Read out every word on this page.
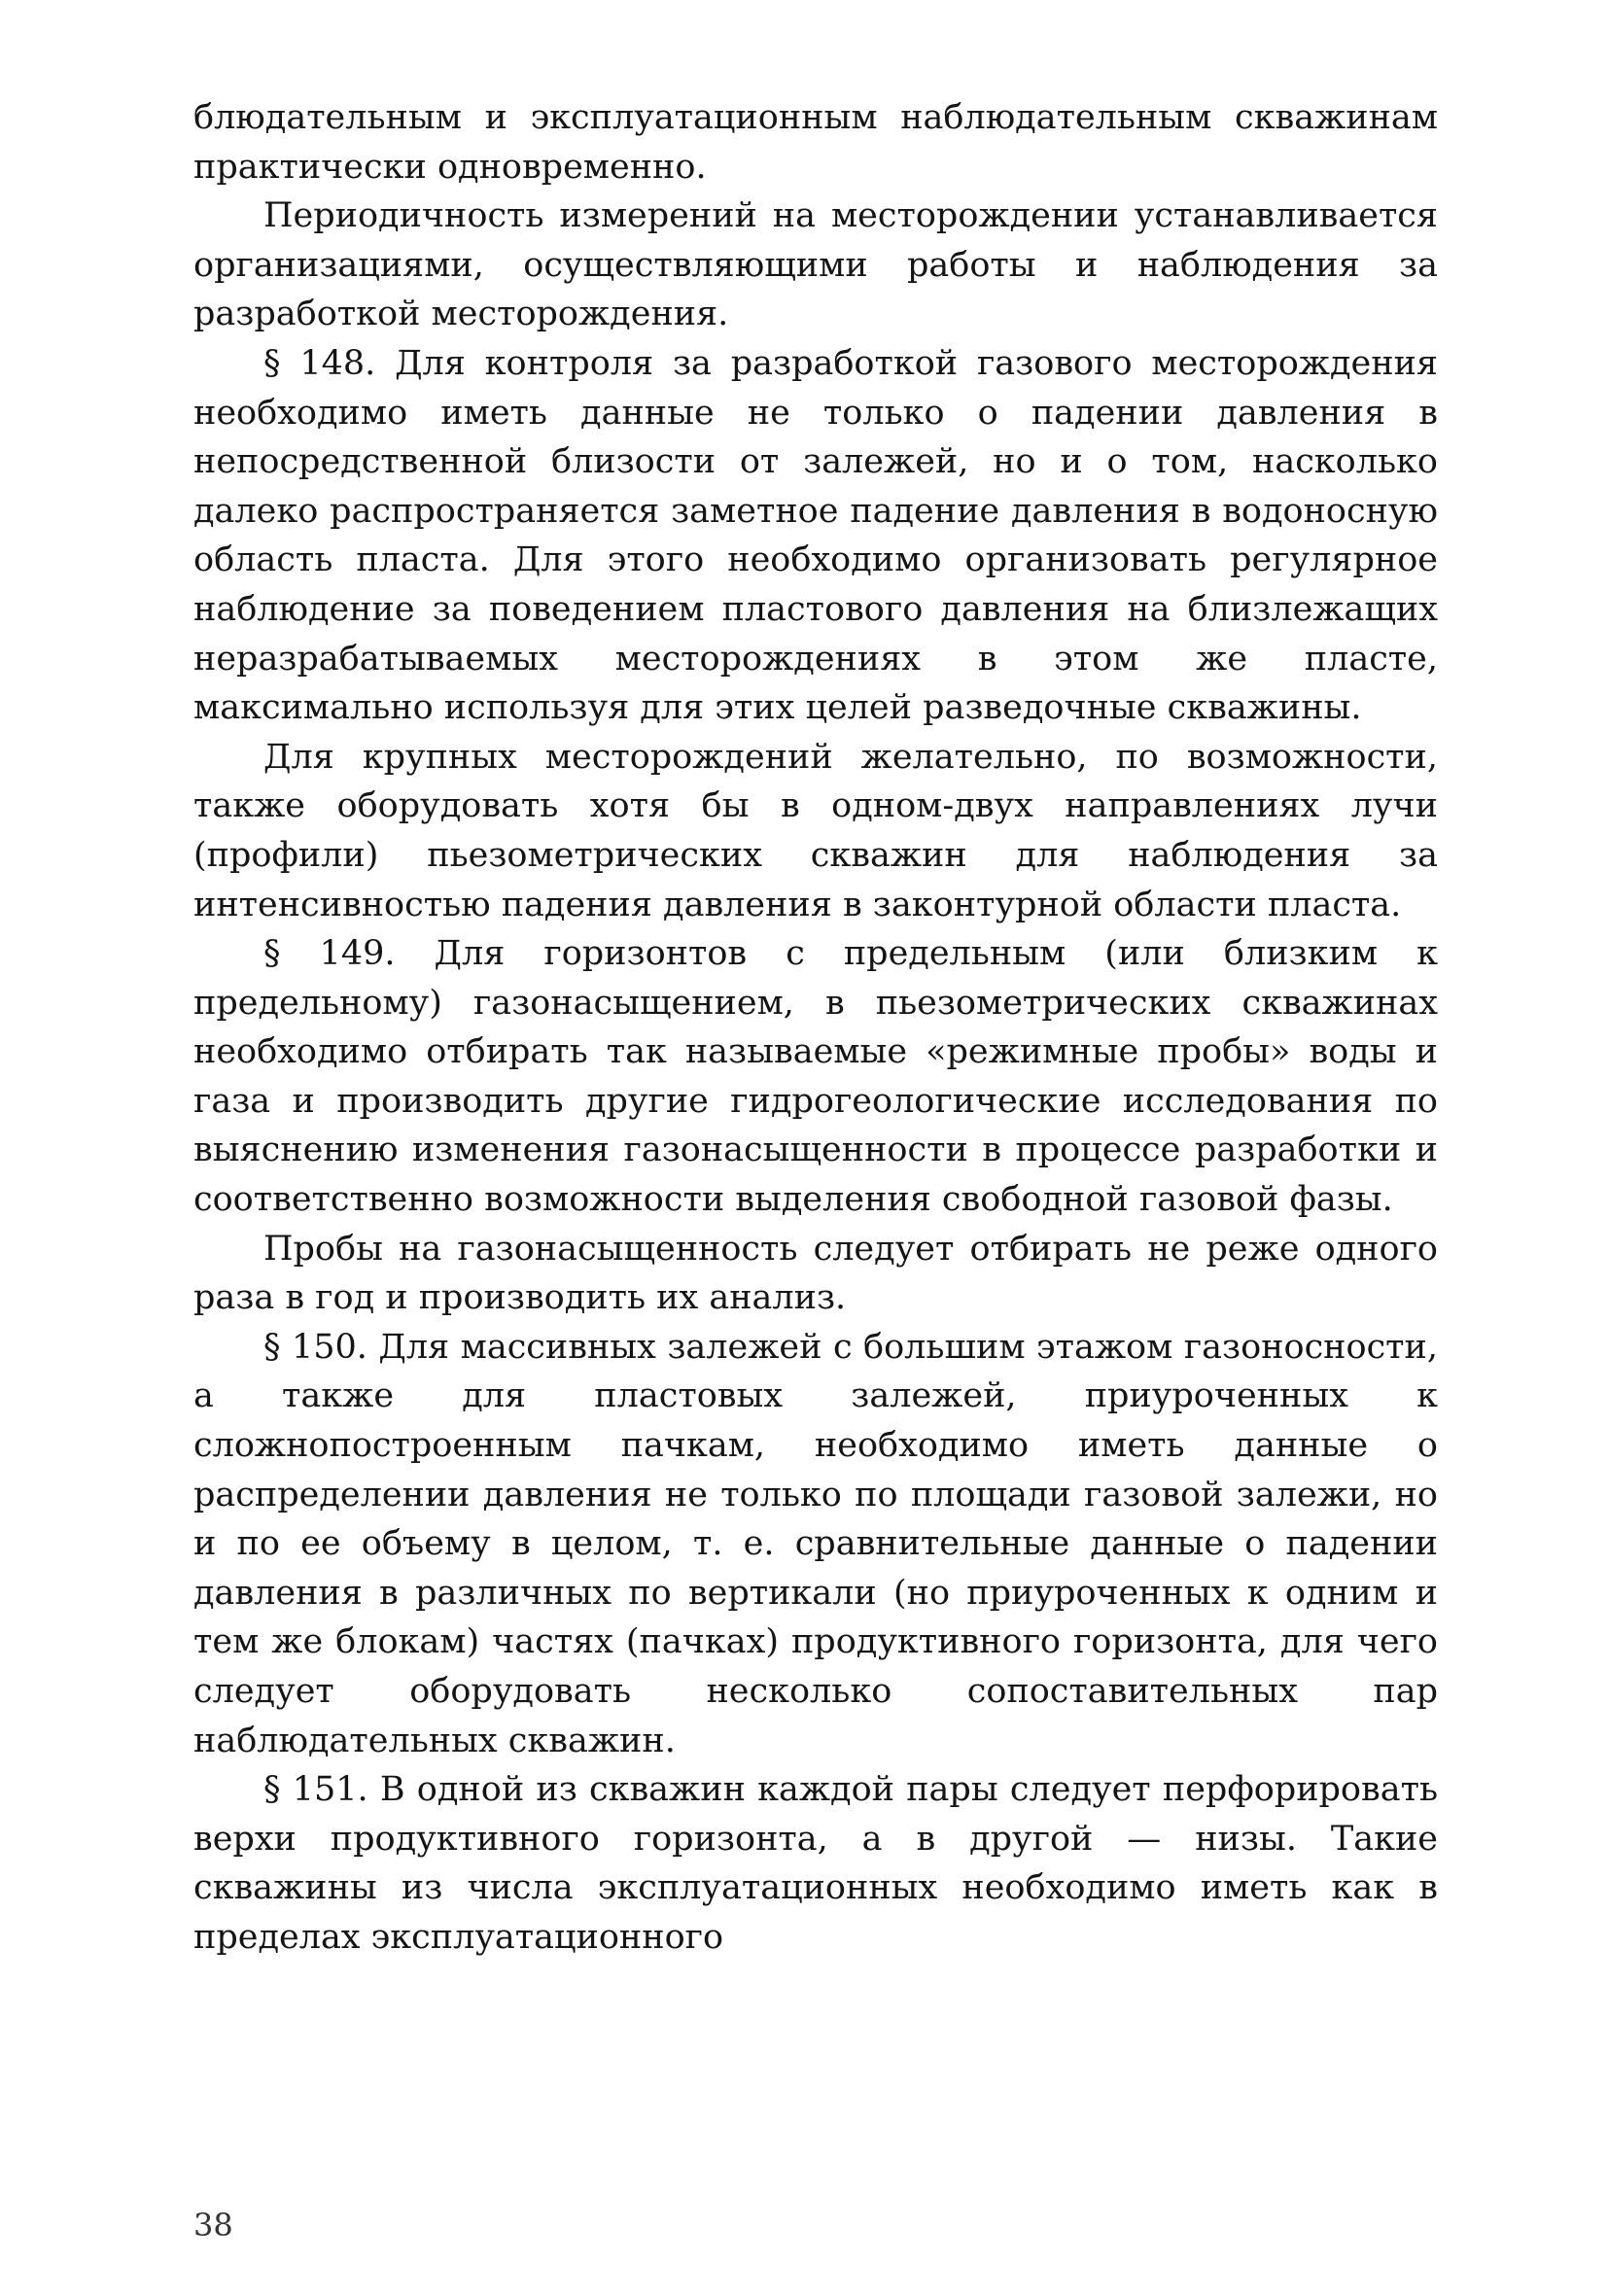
блюдательным и эксплуатационным наблюдательным скважинам практически одновременно.

Периодичность измерений на месторождении устанавливается организациями, осуществляющими работы и наблюдения за разработкой месторождения.

§ 148. Для контроля за разработкой газового месторождения необходимо иметь данные не только о падении давления в непосредственной близости от залежей, но и о том, насколько далеко распространяется заметное падение давления в водоносную область пласта. Для этого необходимо организовать регулярное наблюдение за поведением пластового давления на близлежащих неразрабатываемых месторождениях в этом же пласте, максимально используя для этих целей разведочные скважины.

Для крупных месторождений желательно, по возможности, также оборудовать хотя бы в одном-двух направлениях лучи (профили) пьезометрических скважин для наблюдения за интенсивностью падения давления в законтурной области пласта.

§ 149. Для горизонтов с предельным (или близким к предельному) газонасыщением, в пьезометрических скважинах необходимо отбирать так называемые «режимные пробы» воды и газа и производить другие гидрогеологические исследования по выяснению изменения газонасыщенности в процессе разработки и соответственно возможности выделения свободной газовой фазы.

Пробы на газонасыщенность следует отбирать не реже одного раза в год и производить их анализ.

§ 150. Для массивных залежей с большим этажом газоносности, а также для пластовых залежей, приуроченных к сложнопостроенным пачкам, необходимо иметь данные о распределении давления не только по площади газовой залежи, но и по ее объему в целом, т. е. сравнительные данные о падении давления в различных по вертикали (но приуроченных к одним и тем же блокам) частях (пачках) продуктивного горизонта, для чего следует оборудовать несколько сопоставительных пар наблюдательных скважин.

§ 151. В одной из скважин каждой пары следует перфорировать верхи продуктивного горизонта, а в другой — низы. Такие скважины из числа эксплуатационных необходимо иметь как в пределах эксплуатационного

38
